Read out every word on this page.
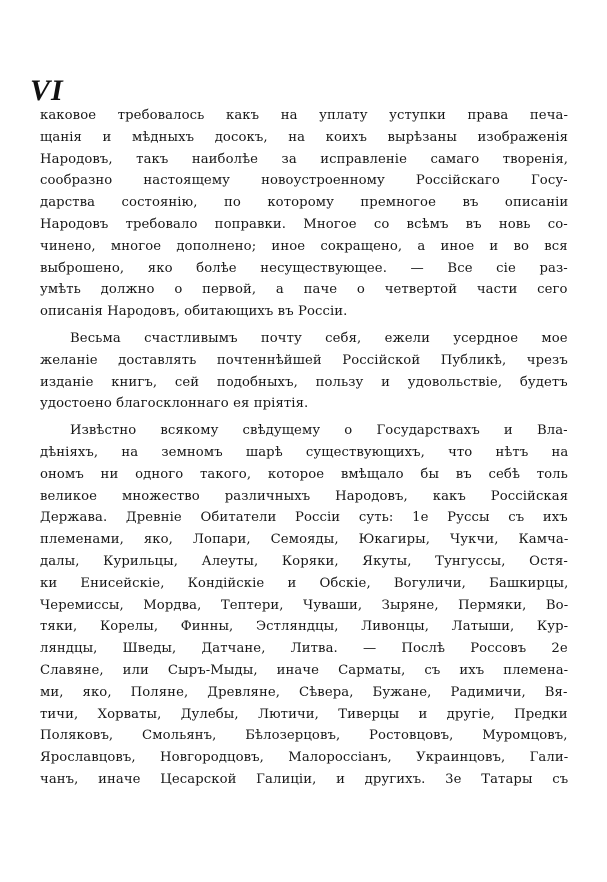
VI
каковое требовалось какъ на уплату уступки права печа-
щанія и мѣдныхъ досокъ, на коихъ вырѣзаны изображенія
Народовъ, такъ наиболѣе за исправленіе самаго творенія,
сообразно настоящему новоустроенному Россійскаго Госу-
дарства состоянію, по которому премногое въ описаніи
Народовъ требовало поправки. Многое со всѣмъ въ новь со-
чинено, многое дополнено; иное сокращено, а иное и во вся
выброшено, яко болѣе несуществующее. — Все сіе раз-
умѣть должно о первой, а паче о четвертой части сего
описанія Народовъ, обитающихъ въ Россіи.
Весьма счастливымъ почту себя, ежели усердное мое
желаніе доставлять почтеннѣйшей Россійской Публикѣ, чрезъ
изданіе книгъ, сей подобныхъ, пользу и удовольствіе, будетъ
удостоено благосклоннаго ея пріятія.
Извѣстно всякому свѣдущему о Государствахъ и Вла-
дѣніяхъ, на земномъ шарѣ существующихъ, что нѣтъ на
ономъ ни одного такого, которое вмѣщало бы въ себѣ толь
великое множество различныхъ Народовъ, какъ Россійская
Держава. Древніе Обитатели Россіи суть: 1е Руссы съ ихъ
племенами, яко, Лопари, Семояды, Юкагиры, Чукчи, Камча-
далы, Курильцы, Алеуты, Коряки, Якуты, Тунгуссы, Остя-
ки Енисейскіе, Кондійскіе и Обскіе, Вогуличи, Башкирцы,
Черемиссы, Мордва, Тептери, Чуваши, Зыряне, Пермяки, Во-
тяки, Корелы, Финны, Эстляндцы, Ливонцы, Латыши, Кур-
ляндцы, Шведы, Датчане, Литва. — Послѣ Россовъ 2е
Славяне, или Сыръ-Мыды, иначе Сарматы, съ ихъ племена-
ми, яко, Поляне, Древляне, Сѣвера, Бужане, Радимичи, Вя-
тичи, Хорваты, Дулебы, Лютичи, Тиверцы и другіе, Предки
Поляковъ, Смольянъ, Бѣлозерцовъ, Ростовцовъ, Муромцовъ,
Ярославцовъ, Новгородцовъ, Малороссіанъ, Украинцовъ, Гали-
чанъ, иначе Цесарской Галиціи, и другихъ. 3е Татары съ
